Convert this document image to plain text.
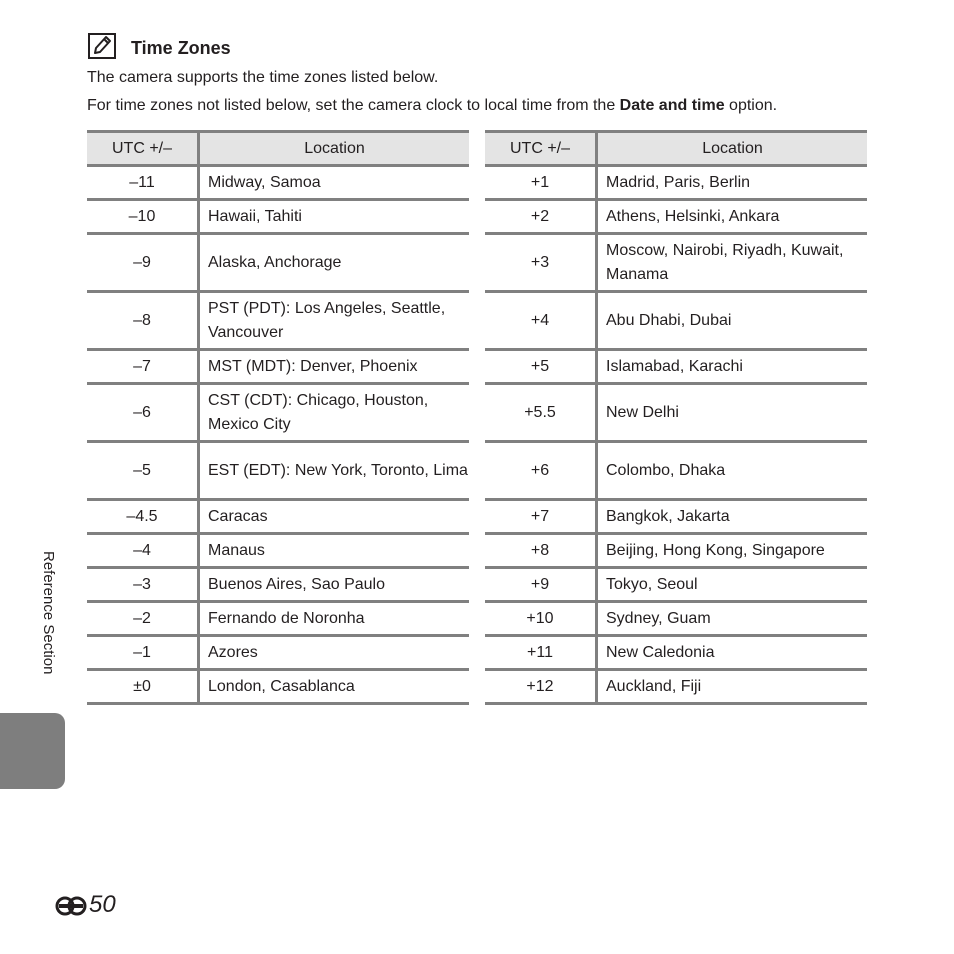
Time Zones
The camera supports the time zones listed below.
For time zones not listed below, set the camera clock to local time from the Date and time option.
UTC +/–	Location
–11	Midway, Samoa
–10	Hawaii, Tahiti
–9	Alaska, Anchorage
–8	PST (PDT): Los Angeles, Seattle, Vancouver
–7	MST (MDT): Denver, Phoenix
–6	CST (CDT): Chicago, Houston, Mexico City
–5	EST (EDT): New York, Toronto, Lima
–4.5	Caracas
–4	Manaus
–3	Buenos Aires, Sao Paulo
–2	Fernando de Noronha
–1	Azores
±0	London, Casablanca
UTC +/–	Location
+1	Madrid, Paris, Berlin
+2	Athens, Helsinki, Ankara
+3	Moscow, Nairobi, Riyadh, Kuwait, Manama
+4	Abu Dhabi, Dubai
+5	Islamabad, Karachi
+5.5	New Delhi
+6	Colombo, Dhaka
+7	Bangkok, Jakarta
+8	Beijing, Hong Kong, Singapore
+9	Tokyo, Seoul
+10	Sydney, Guam
+11	New Caledonia
+12	Auckland, Fiji
Reference Section
50
